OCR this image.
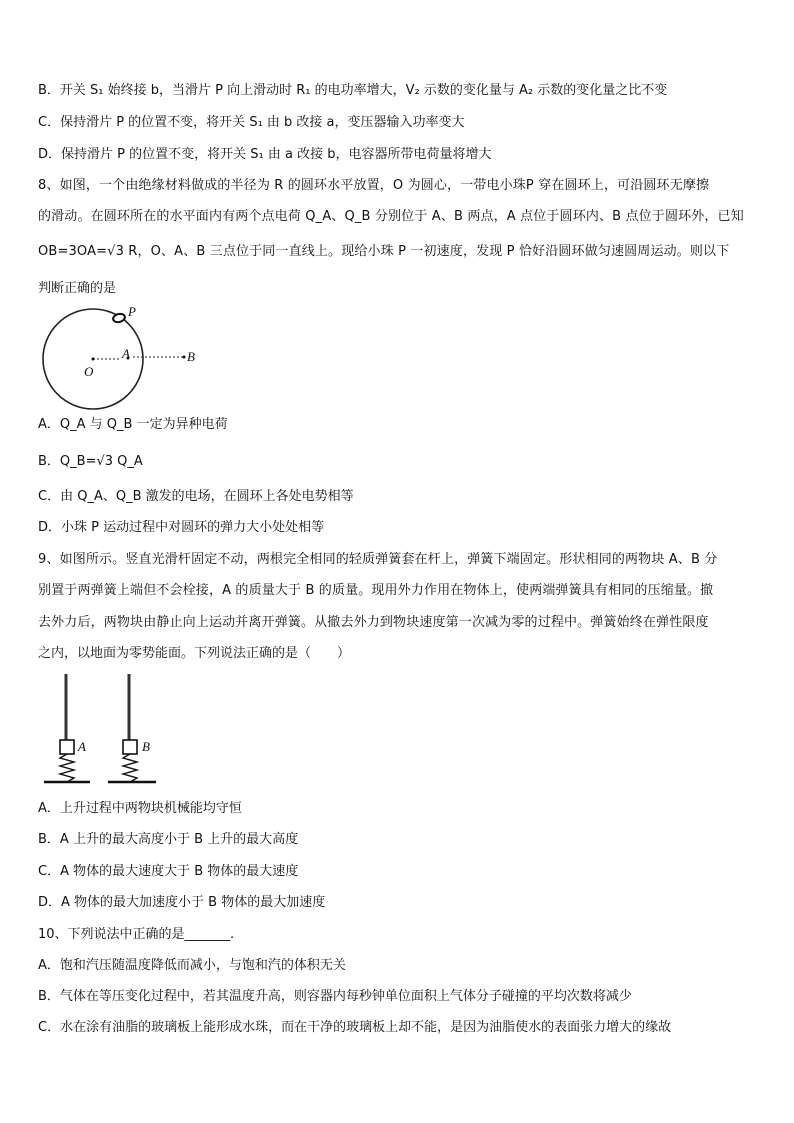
B．开关 S₁ 始终接 b，当滑片 P 向上滑动时 R₁ 的电功率增大，V₂ 示数的变化量与 A₂ 示数的变化量之比不变
C．保持滑片 P 的位置不变，将开关 S₁ 由 b 改接 a，变压器输入功率变大
D．保持滑片 P 的位置不变，将开关 S₁ 由 a 改接 b，电容器所带电荷量将增大
8、如图，一个由绝缘材料做成的半径为 R 的圆环水平放置，O 为圆心，一带电小珠P 穿在圆环上，可沿圆环无摩擦
的滑动。在圆环所在的水平面内有两个点电荷 Q_A、Q_B 分别位于 A、B 两点，A 点位于圆环内、B 点位于圆环外，已知
OB=3OA=√3 R，O、A、B 三点位于同一直线上。现给小珠 P 一初速度，发现 P 恰好沿圆环做匀速圆周运动。则以下
判断正确的是
P
O
A	B
A．Q_A 与 Q_B 一定为异种电荷
B．Q_B=√3 Q_A
C．由 Q_A、Q_B 激发的电场，在圆环上各处电势相等
D．小珠 P 运动过程中对圆环的弹力大小处处相等
9、如图所示。竖直光滑杆固定不动，两根完全相同的轻质弹簧套在杆上，弹簧下端固定。形状相同的两物块 A、B 分
别置于两弹簧上端但不会栓接，A 的质量大于 B 的质量。现用外力作用在物体上，使两端弹簧具有相同的压缩量。撤
去外力后，两物块由静止向上运动并离开弹簧。从撤去外力到物块速度第一次减为零的过程中。弹簧始终在弹性限度
之内，以地面为零势能面。下列说法正确的是（　　）
A	B
A．上升过程中两物块机械能均守恒
B．A 上升的最大高度小于 B 上升的最大高度
C．A 物体的最大速度大于 B 物体的最大速度
D．A 物体的最大加速度小于 B 物体的最大加速度
10、下列说法中正确的是_______.
A．饱和汽压随温度降低而减小，与饱和汽的体积无关
B．气体在等压变化过程中，若其温度升高，则容器内每秒钟单位面积上气体分子碰撞的平均次数将减少
C．水在涂有油脂的玻璃板上能形成水珠，而在干净的玻璃板上却不能，是因为油脂使水的表面张力增大的缘故
